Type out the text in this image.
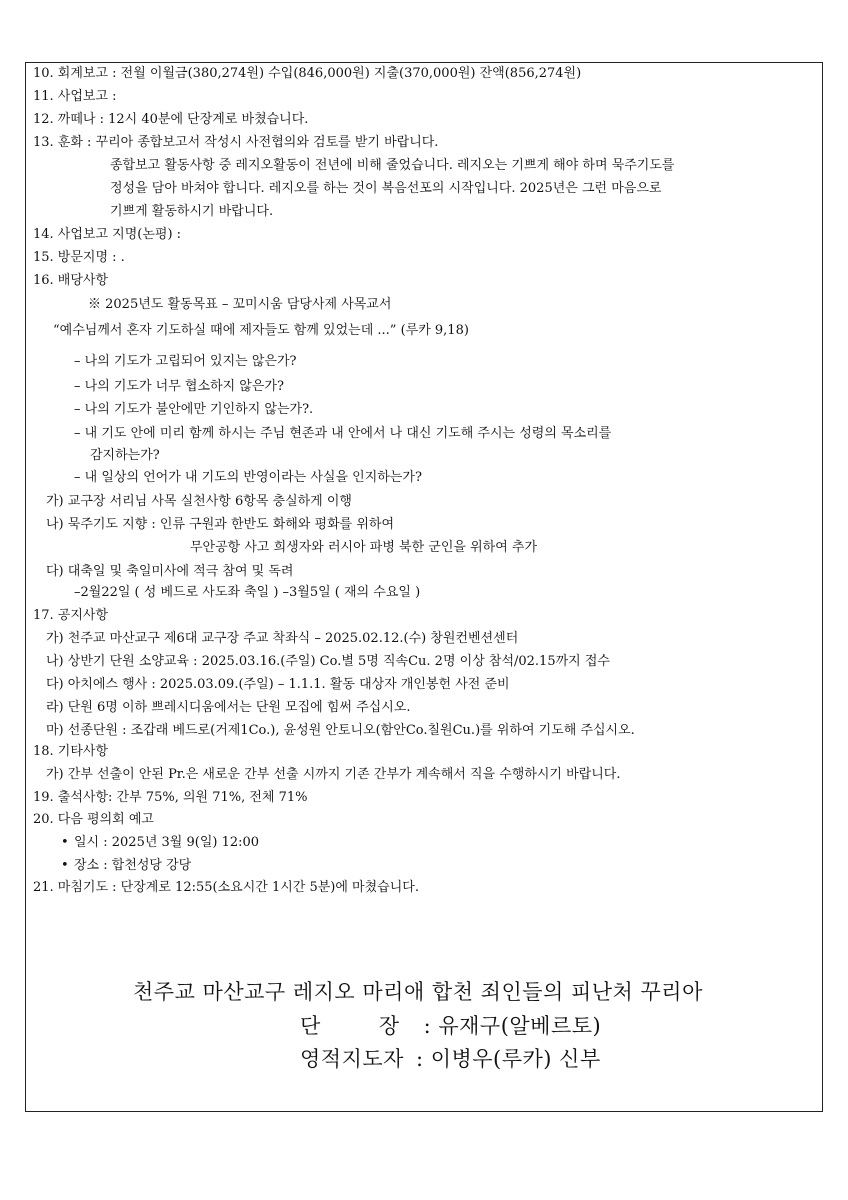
10. 회계보고 : 전월 이월금(380,274원) 수입(846,000원) 지출(370,000원) 잔액(856,274원)
11. 사업보고 :
12. 까떼나 : 12시 40분에 단장계로 바쳤습니다.
13. 훈화 : 꾸리아 종합보고서 작성시 사전협의와 검토를 받기 바랍니다.
종합보고 활동사항 중 레지오활동이 전년에 비해 줄었습니다. 레지오는 기쁘게 해야 하며 묵주기도를
정성을 담아 바쳐야 합니다. 레지오를 하는 것이 복음선포의 시작입니다. 2025년은 그런 마음으로
기쁘게 활동하시기 바랍니다.
14. 사업보고 지명(논평) :
15. 방문지명 : .
16. 배당사항
※ 2025년도 활동목표 – 꼬미시움 담당사제 사목교서
“예수님께서 혼자 기도하실 때에 제자들도 함께 있었는데 ...” (루카 9,18)
– 나의 기도가 고립되어 있지는 않은가?
– 나의 기도가 너무 협소하지 않은가?
– 나의 기도가 불안에만 기인하지 않는가?.
– 내 기도 안에 미리 함께 하시는 주님 현존과 내 안에서 나 대신 기도해 주시는 성령의 목소리를
감지하는가?
– 내 일상의 언어가 내 기도의 반영이라는 사실을 인지하는가?
가) 교구장 서리님 사목 실천사항 6항목 충실하게 이행
나) 묵주기도 지향 : 인류 구원과 한반도 화해와 평화를 위하여
무안공항 사고 희생자와 러시아 파병 북한 군인을 위하여 추가
다) 대축일 및 축일미사에 적극 참여 및 독려
–2월22일 ( 성 베드로 사도좌 축일 ) –3월5일 ( 재의 수요일 )
17. 공지사항
가) 천주교 마산교구 제6대 교구장 주교 착좌식 – 2025.02.12.(수) 창원컨벤션센터
나) 상반기 단원 소양교육 : 2025.03.16.(주일) Co.별 5명 직속Cu. 2명 이상 참석/02.15까지 접수
다) 아치에스 행사 : 2025.03.09.(주일) – 1.1.1. 활동 대상자 개인봉헌 사전 준비
라) 단원 6명 이하 쁘레시디움에서는 단원 모집에 힘써 주십시오.
마) 선종단원 : 조갑래 베드로(거제1Co.), 윤성원 안토니오(함안Co.칠원Cu.)를 위하여 기도해 주십시오.
18. 기타사항
가) 간부 선출이 안된 Pr.은 새로운 간부 선출 시까지 기존 간부가 계속해서 직을 수행하시기 바랍니다.
19. 출석사항: 간부 75%, 의원 71%, 전체 71%
20. 다음 평의회 예고
• 일시 : 2025년 3월 9(일) 12:00
• 장소 : 합천성당 강당
21. 마침기도 : 단장계로 12:55(소요시간 1시간 5분)에 마쳤습니다.
천주교 마산교구 레지오 마리애 합천 죄인들의 피난처 꾸리아
단	장 : 유재구(알베르토)
영적지도자 : 이병우(루카) 신부
